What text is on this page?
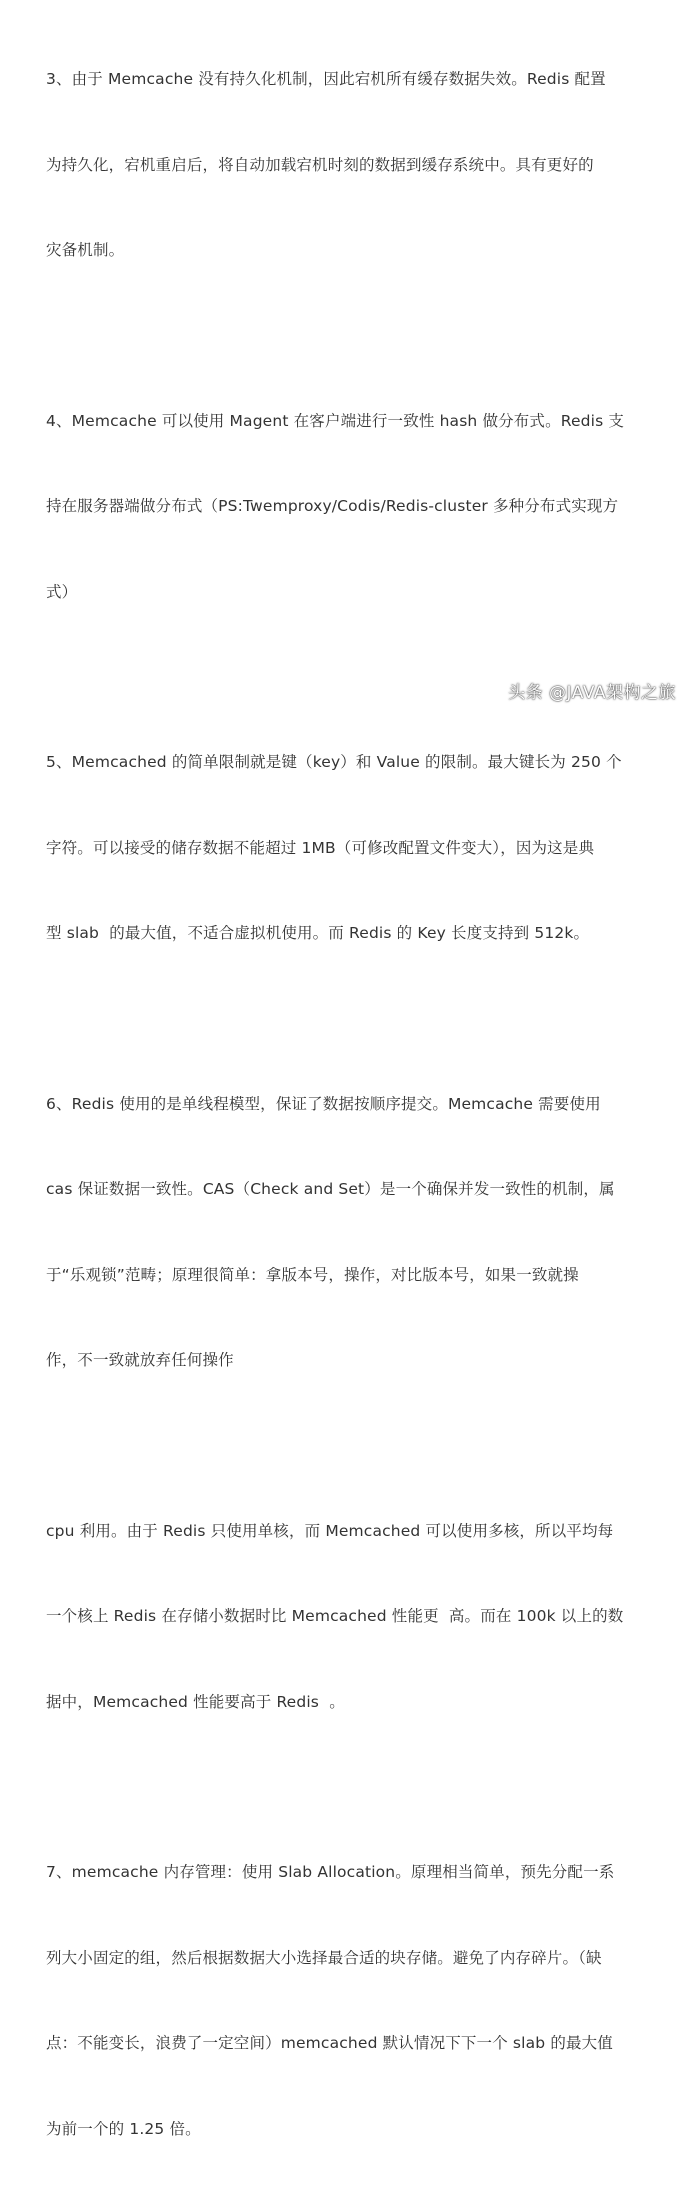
3、由于 Memcache 没有持久化机制，因此宕机所有缓存数据失效。Redis 配置

为持久化，宕机重启后，将自动加载宕机时刻的数据到缓存系统中。具有更好的

灾备机制。

4、Memcache 可以使用 Magent 在客户端进行一致性 hash 做分布式。Redis 支

持在服务器端做分布式（PS:Twemproxy/Codis/Redis-cluster 多种分布式实现方

式）

5、Memcached 的简单限制就是键（key）和 Value 的限制。最大键长为 250 个

字符。可以接受的储存数据不能超过 1MB（可修改配置文件变大），因为这是典

型 slab  的最大值，不适合虚拟机使用。而 Redis 的 Key 长度支持到 512k。

6、Redis 使用的是单线程模型，保证了数据按顺序提交。Memcache 需要使用

cas 保证数据一致性。CAS（Check and Set）是一个确保并发一致性的机制，属

于“乐观锁”范畴；原理很简单：拿版本号，操作，对比版本号，如果一致就操

作，不一致就放弃任何操作

cpu 利用。由于 Redis 只使用单核，而 Memcached 可以使用多核，所以平均每

一个核上 Redis 在存储小数据时比 Memcached 性能更  高。而在 100k 以上的数

据中，Memcached 性能要高于 Redis  。

7、memcache 内存管理：使用 Slab Allocation。原理相当简单，预先分配一系

列大小固定的组，然后根据数据大小选择最合适的块存储。避免了内存碎片。（缺

点：不能变长，浪费了一定空间）memcached 默认情况下下一个 slab 的最大值

为前一个的 1.25 倍。

头条 @JAVA架构之旅
